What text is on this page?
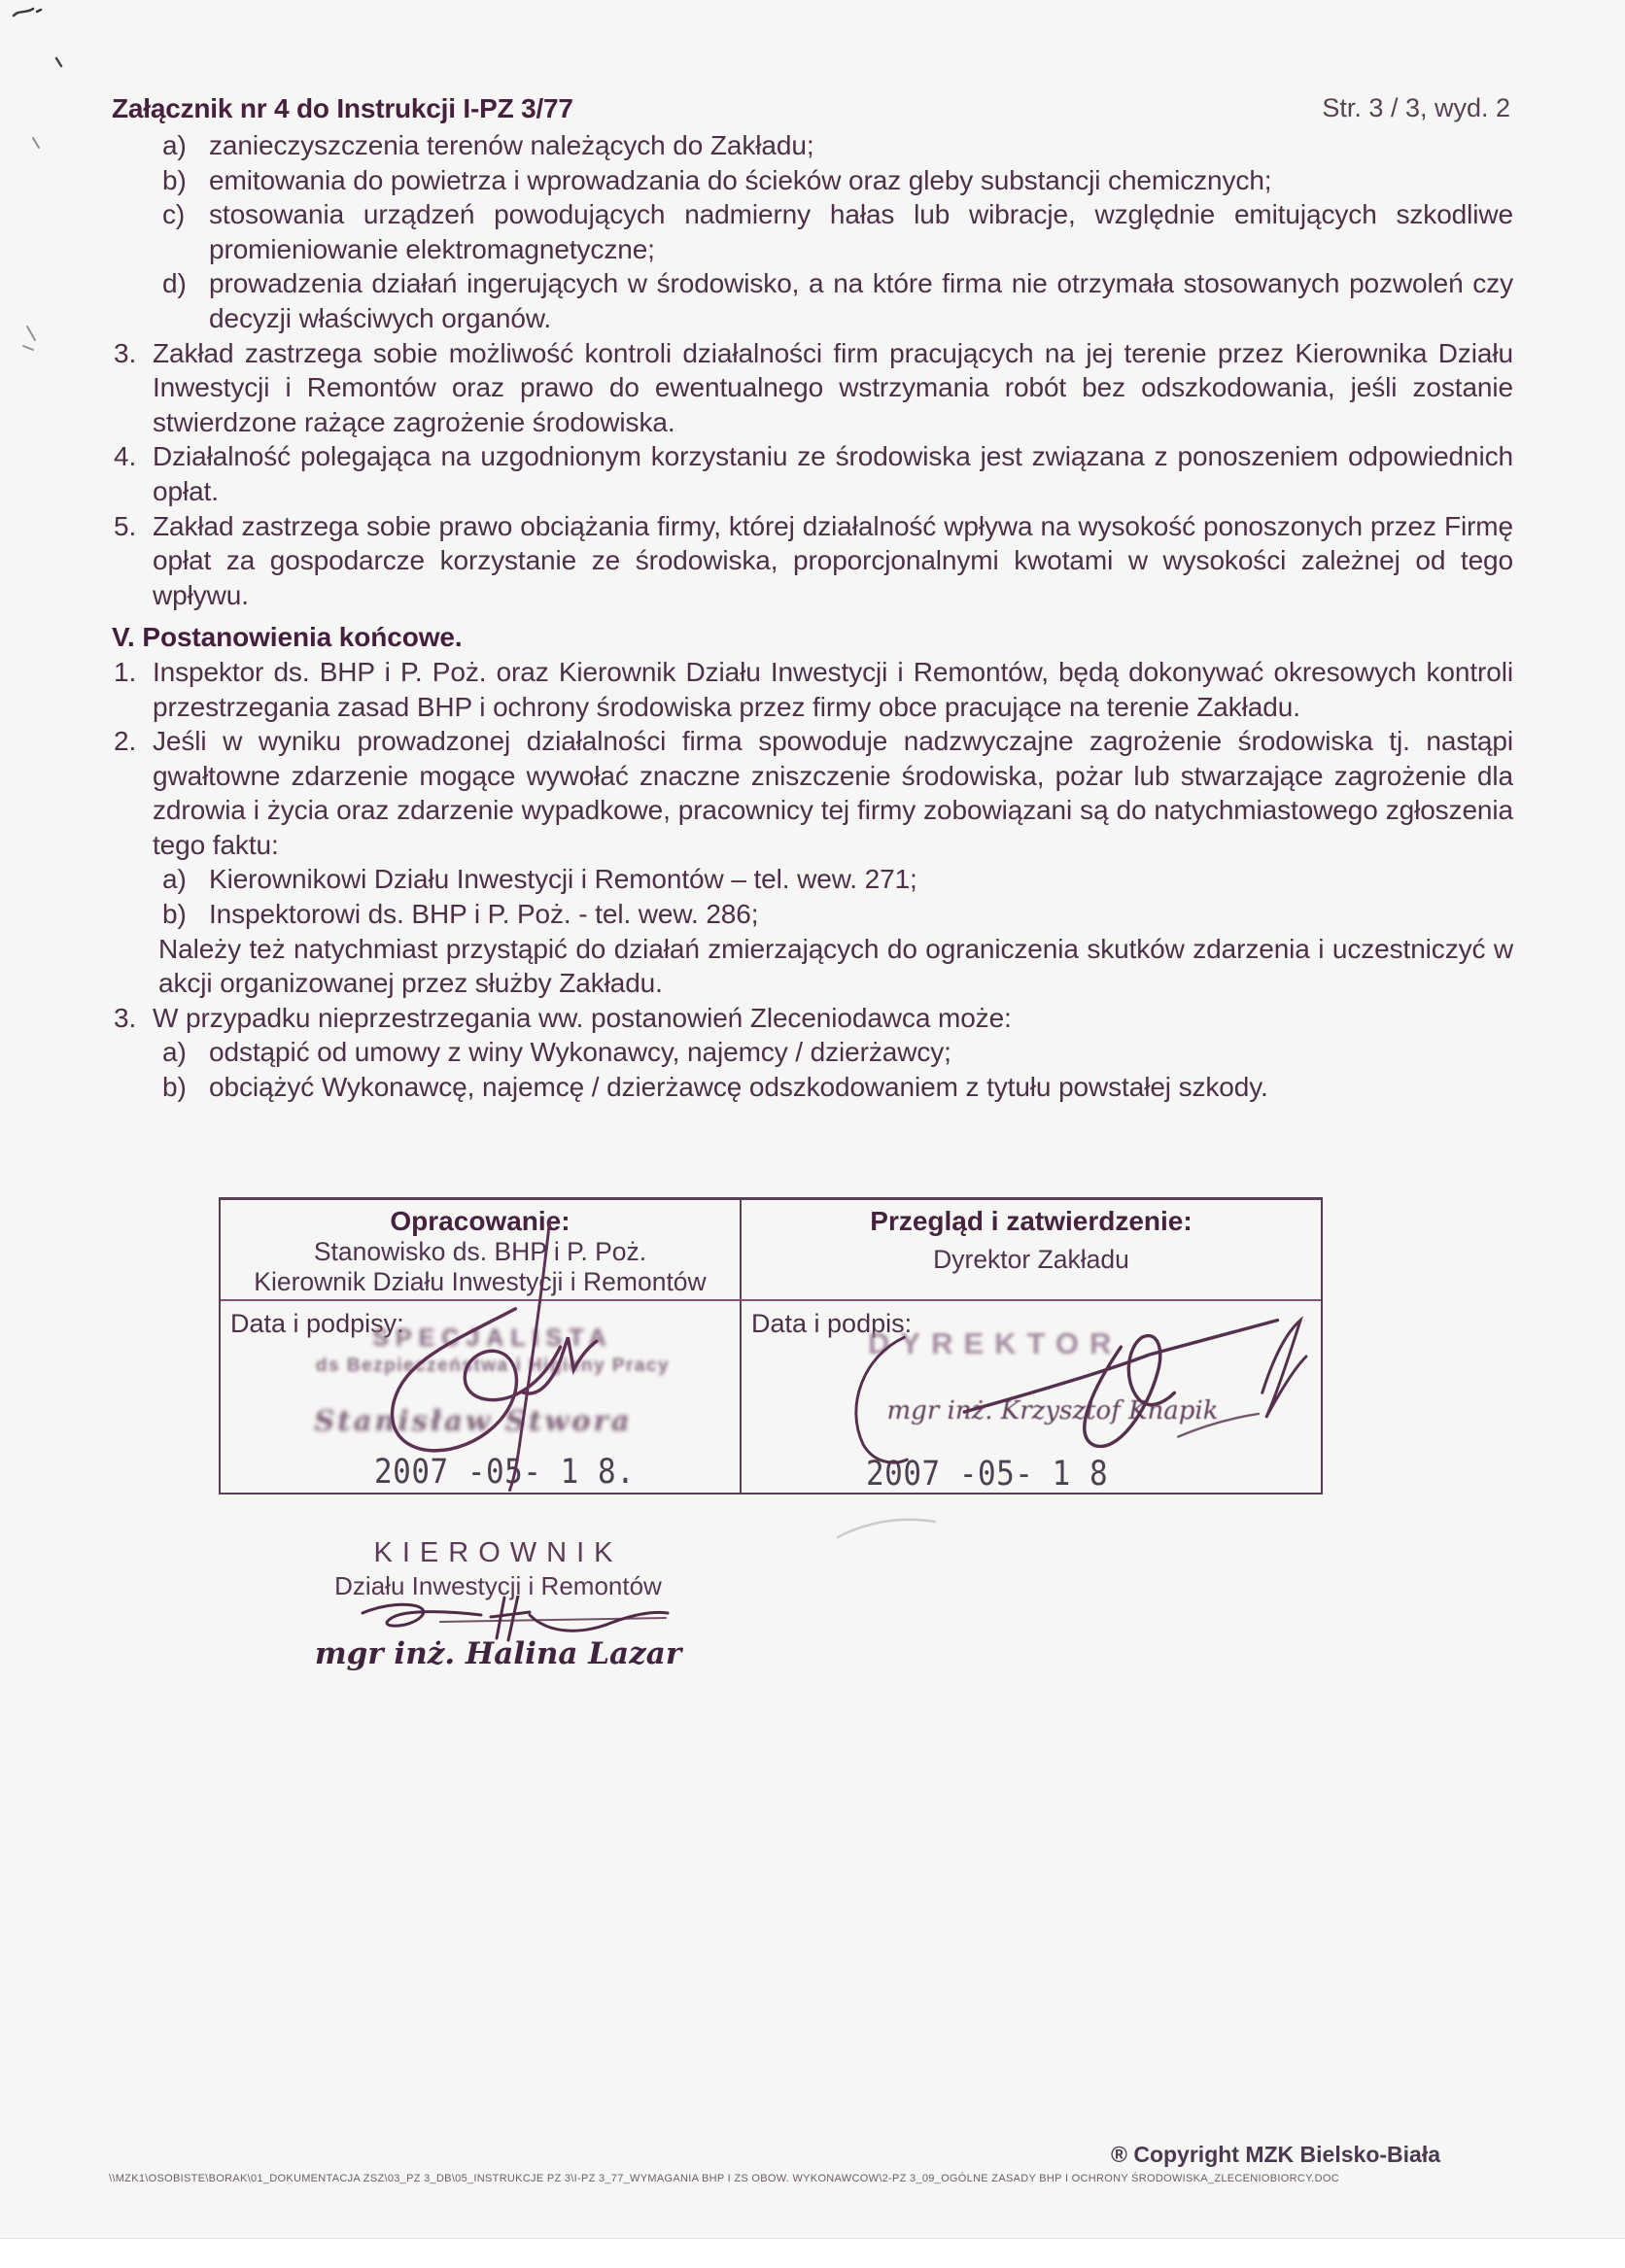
Załącznik nr 4 do Instrukcji I-PZ 3/77	Str. 3 / 3, wyd. 2
a) zanieczyszczenia terenów należących do Zakładu;
b) emitowania do powietrza i wprowadzania do ścieków oraz gleby substancji chemicznych;
c) stosowania urządzeń powodujących nadmierny hałas lub wibracje, względnie emitujących szkodliwe promieniowanie elektromagnetyczne;
d) prowadzenia działań ingerujących w środowisko, a na które firma nie otrzymała stosowanych pozwoleń czy decyzji właściwych organów.
3. Zakład zastrzega sobie możliwość kontroli działalności firm pracujących na jej terenie przez Kierownika Działu Inwestycji i Remontów oraz prawo do ewentualnego wstrzymania robót bez odszkodowania, jeśli zostanie stwierdzone rażące zagrożenie środowiska.
4. Działalność polegająca na uzgodnionym korzystaniu ze środowiska jest związana z ponoszeniem odpowiednich opłat.
5. Zakład zastrzega sobie prawo obciążania firmy, której działalność wpływa na wysokość ponoszonych przez Firmę opłat za gospodarcze korzystanie ze środowiska, proporcjonalnymi kwotami w wysokości zależnej od tego wpływu.
V. Postanowienia końcowe.
1. Inspektor ds. BHP i P. Poż. oraz Kierownik Działu Inwestycji i Remontów, będą dokonywać okresowych kontroli przestrzegania zasad BHP i ochrony środowiska przez firmy obce pracujące na terenie Zakładu.
2. Jeśli w wyniku prowadzonej działalności firma spowoduje nadzwyczajne zagrożenie środowiska tj. nastąpi gwałtowne zdarzenie mogące wywołać znaczne zniszczenie środowiska, pożar lub stwarzające zagrożenie dla zdrowia i życia oraz zdarzenie wypadkowe, pracownicy tej firmy zobowiązani są do natychmiastowego zgłoszenia tego faktu:
a) Kierownikowi Działu Inwestycji i Remontów – tel. wew. 271;
b) Inspektorowi ds. BHP i P. Poż. - tel. wew. 286;
Należy też natychmiast przystąpić do działań zmierzających do ograniczenia skutków zdarzenia i uczestniczyć w akcji organizowanej przez służby Zakładu.
3. W przypadku nieprzestrzegania ww. postanowień Zleceniodawca może:
a) odstąpić od umowy z winy Wykonawcy, najemcy / dzierżawcy;
b) obciążyć Wykonawcę, najemcę / dzierżawcę odszkodowaniem z tytułu powstałej szkody.
Opracowanie:
Stanowisko ds. BHP i P. Poż.
Kierownik Działu Inwestycji i Remontów
Przegląd i zatwierdzenie:
Dyrektor Zakładu
Data i podpisy:
SPECJALISTA
ds Bezpieczeństwa i Higieny Pracy
Stanisław Stwora
2007 -05- 1 8.
Data i podpis:
DYREKTOR
mgr inż. Krzysztof Knapik
2007 -05- 1 8
KIEROWNIK
Działu Inwestycji i Remontów
mgr inż. Halina Lazar
\\MZK1\OSOBISTE\BORAK\01_DOKUMENTACJA ZSZ\03_PZ 3_DB\05_INSTRUKCJE PZ 3\I-PZ 3_77_WYMAGANIA BHP I ZS OBOW. WYKONAWCOW\2-PZ 3_09_OGÓLNE ZASADY BHP I OCHRONY ŚRODOWISKA_ZLECENIOBIORCY.DOC
® Copyright MZK Bielsko-Biała
